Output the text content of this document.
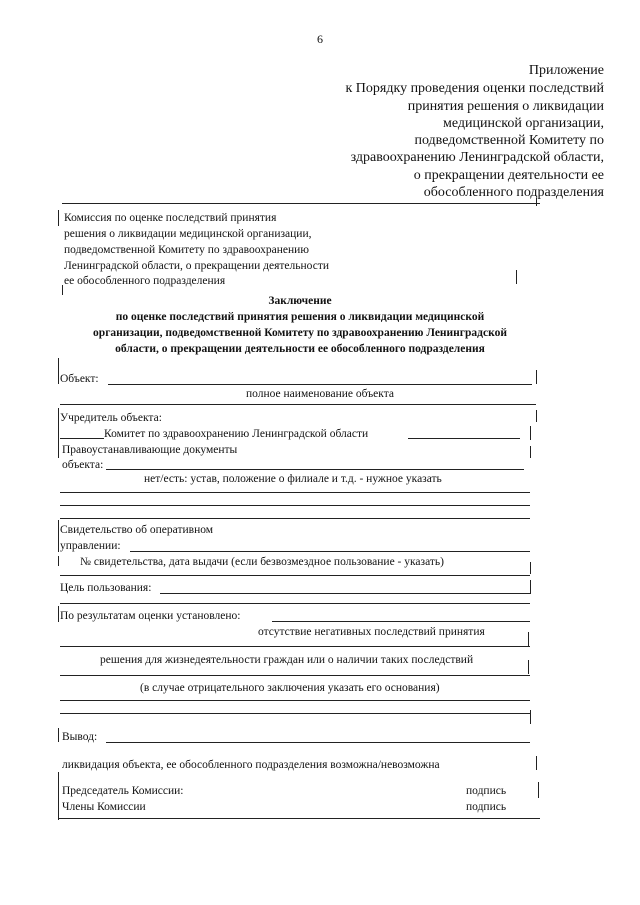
6
Приложение
к Порядку проведения оценки последствий
принятия решения о ликвидации
медицинской организации,
подведомственной Комитету по
здравоохранению Ленинградской области,
о прекращении деятельности ее
обособленного подразделения
Комиссия по оценке последствий принятия
решения о ликвидации медицинской организации,
подведомственной Комитету по здравоохранению
Ленинградской области, о прекращении деятельности
ее обособленного подразделения
Заключение
по оценке последствий принятия решения о ликвидации медицинской
организации, подведомственной Комитету по здравоохранению Ленинградской
области, о прекращении деятельности ее обособленного подразделения
Объект:
полное наименование объекта
Учредитель объекта:
Комитет по здравоохранению Ленинградской области
Правоустанавливающие документы
объекта:
нет/есть: устав, положение о филиале и т.д. - нужное указать
Свидетельство об оперативном
управлении:
№ свидетельства, дата выдачи (если безвозмездное пользование - указать)
Цель пользования:
По результатам оценки установлено:
отсутствие негативных последствий принятия
решения для жизнедеятельности граждан или о наличии таких последствий
(в случае отрицательного заключения указать его основания)
Вывод:
ликвидация объекта, ее обособленного подразделения возможна/невозможна
Председатель Комиссии:	подпись
Члены Комиссии	подпись
